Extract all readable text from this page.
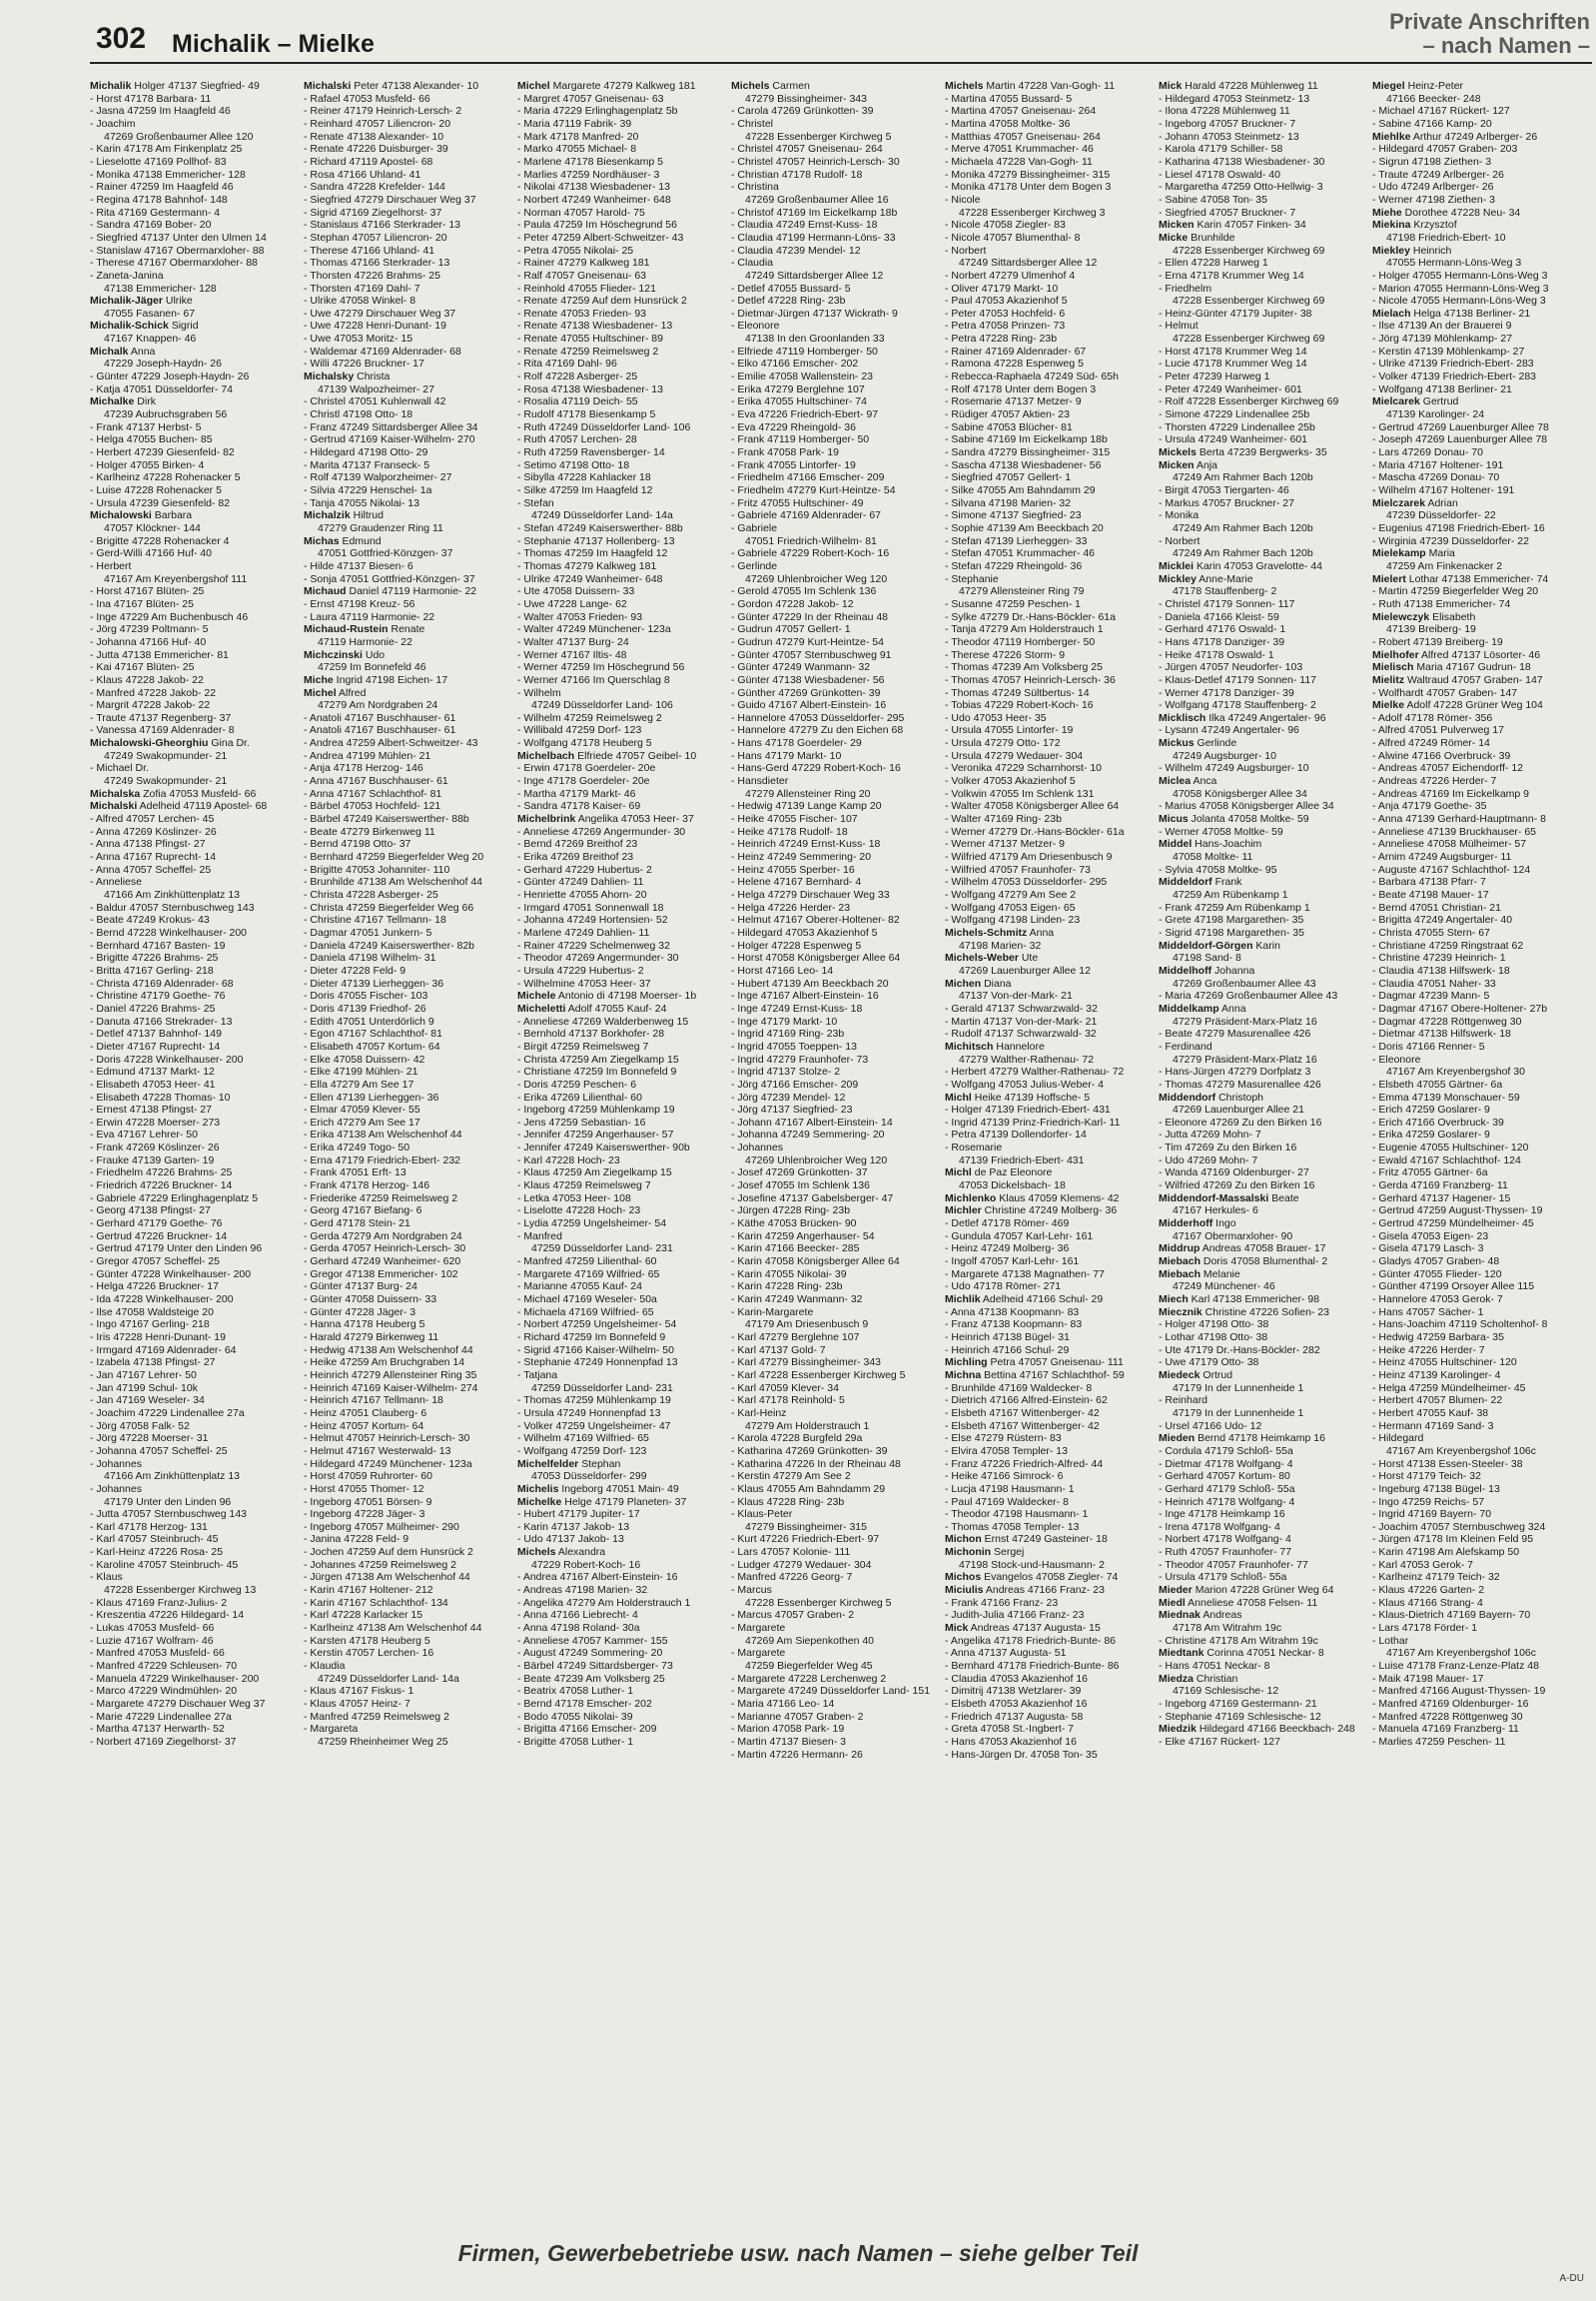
302 Michalik – Mielke
Private Anschriften
– nach Namen –
Michalik Holger 47137 Siegfried- 49
- Horst 47178 Barbara- 11
- Jasna 47259 Im Haagfeld 46
- Joachim
47269 Großenbaumer Allee 120
- Karin 47178 Am Finkenplatz 25
- Lieselotte 47169 Pollhof- 83
- Monika 47138 Emmericher- 128
- Rainer 47259 Im Haagfeld 46
- Regina 47178 Bahnhof- 148
- Rita 47169 Gestermann- 4
- Sandra 47169 Bober- 20
- Siegfried 47137 Unter den Ulmen 14
- Stanislaw 47167 Obermarxloher- 88
- Therese 47167 Obermarxloher- 88
- Zaneta-Janina
47138 Emmericher- 128
Michalik-Jäger Ulrike
47055 Fasanen- 67
Michalik-Schick Sigrid
47167 Knappen- 46
Michalk Anna
47229 Joseph-Haydn- 26
- Günter 47229 Joseph-Haydn- 26
- Katja 47051 Düsseldorfer- 74
Michalke Dirk
47239 Aubruchsgraben 56
- Frank 47137 Herbst- 5
- Helga 47055 Buchen- 85
- Herbert 47239 Giesenfeld- 82
- Holger 47055 Birken- 4
- Karlheinz 47228 Rohenacker 5
- Luise 47228 Rohenacker 5
- Ursula 47239 Giesenfeld- 82
Michalowski Barbara
47057 Klöckner- 144
- Brigitte 47228 Rohenacker 4
- Gerd-Willi 47166 Huf- 40
- Herbert
47167 Am Kreyenbergshof 111
- Horst 47167 Blüten- 25
- Ina 47167 Blüten- 25
- Inge 47229 Am Buchenbusch 46
- Jörg 47239 Poltmann- 5
- Johanna 47166 Huf- 40
- Jutta 47138 Emmericher- 81
- Kai 47167 Blüten- 25
- Klaus 47228 Jakob- 22
- Manfred 47228 Jakob- 22
- Margrit 47228 Jakob- 22
- Traute 47137 Regenberg- 37
- Vanessa 47169 Aldenrader- 8
Michalowski-Gheorghiu Gina Dr.
47249 Swakopmunder- 21
- Michael Dr.
47249 Swakopmunder- 21
Michalska Zofia 47053 Musfeld- 66
Michalski Adelheid 47119 Apostel- 68
- Alfred 47057 Lerchen- 45
- Anna 47269 Köslinzer- 26
- Anna 47138 Pfingst- 27
- Anna 47167 Ruprecht- 14
- Anna 47057 Scheffel- 25
- Anneliese
47166 Am Zinkhüttenplatz 13
- Baldur 47057 Sternbuschweg 143
- Beate 47249 Krokus- 43
- Bernd 47228 Winkelhauser- 200
- Bernhard 47167 Basten- 19
- Brigitte 47226 Brahms- 25
- Britta 47167 Gerling- 218
- Christa 47169 Aldenrader- 68
- Christine 47179 Goethe- 76
- Daniel 47226 Brahms- 25
- Danuta 47166 Strekrader- 13
- Detlef 47137 Bahnhof- 149
- Dieter 47167 Ruprecht- 14
- Doris 47228 Winkelhauser- 200
- Edmund 47137 Markt- 12
- Elisabeth 47053 Heer- 41
- Elisabeth 47228 Thomas- 10
- Ernest 47138 Pfingst- 27
- Erwin 47228 Moerser- 273
- Eva 47167 Lehrer- 50
- Frank 47269 Köslinzer- 26
- Frauke 47139 Garten- 19
- Friedhelm 47226 Brahms- 25
- Friedrich 47226 Bruckner- 14
- Gabriele 47229 Erlinghagenplatz 5
- Georg 47138 Pfingst- 27
- Gerhard 47179 Goethe- 76
- Gertrud 47226 Bruckner- 14
- Gertrud 47179 Unter den Linden 96
- Gregor 47057 Scheffel- 25
- Günter 47228 Winkelhauser- 200
- Helga 47226 Bruckner- 17
- Ida 47228 Winkelhauser- 200
- Ilse 47058 Waldsteige 20
- Ingo 47167 Gerling- 218
- Iris 47228 Henri-Dunant- 19
- Irmgard 47169 Aldenrader- 64
- Izabela 47138 Pfingst- 27
- Jan 47167 Lehrer- 50
- Jan 47199 Schul- 10k
- Jan 47169 Weseler- 34
- Joachim 47229 Lindenallee 27a
- Jörg 47058 Falk- 52
- Jörg 47228 Moerser- 31
- Johanna 47057 Scheffel- 25
- Johannes
47166 Am Zinkhüttenplatz 13
- Johannes
47179 Unter den Linden 96
- Jutta 47057 Sternbuschweg 143
- Karl 47178 Herzog- 131
- Karl 47057 Steinbruch- 45
- Karl-Heinz 47226 Rosa- 25
- Karoline 47057 Steinbruch- 45
- Klaus
47228 Essenberger Kirchweg 13
- Klaus 47169 Franz-Julius- 2
- Kreszentia 47226 Hildegard- 14
- Lukas 47053 Musfeld- 66
- Luzie 47167 Wolfram- 46
- Manfred 47053 Musfeld- 66
- Manfred 47229 Schleusen- 70
- Manuela 47229 Winkelhauser- 200
- Marco 47229 Windmühlen- 20
- Margarete 47279 Dischauer Weg 37
- Marie 47229 Lindenallee 27a
- Martha 47137 Herwarth- 52
- Norbert 47169 Ziegelhorst- 37
Michalski Peter 47138 Alexander- 10
- Rafael 47053 Musfeld- 66
- Reiner 47179 Heinrich-Lersch- 2
- Reinhard 47057 Liliencron- 20
- Renate 47138 Alexander- 10
- Renate 47226 Duisburger- 39
- Richard 47119 Apostel- 68
- Rosa 47166 Uhland- 41
- Sandra 47228 Krefelder- 144
- Siegfried 47279 Dirschauer Weg 37
- Sigrid 47169 Ziegelhorst- 37
- Stanislaus 47166 Sterkrader- 13
- Stephan 47057 Liliencron- 20
- Therese 47166 Uhland- 41
- Thomas 47166 Sterkrader- 13
- Thorsten 47226 Brahms- 25
- Thorsten 47169 Dahl- 7
- Ulrike 47058 Winkel- 8
- Uwe 47279 Dirschauer Weg 37
- Uwe 47228 Henri-Dunant- 19
- Uwe 47053 Moritz- 15
- Waldemar 47169 Aldenrader- 68
- Willi 47226 Bruckner- 17
Michalsky Christa
47139 Walpozheimer- 27
- Christel 47051 Kuhlenwall 42
- Christl 47198 Otto- 18
- Franz 47249 Sittardsberger Allee 34
- Gertrud 47169 Kaiser-Wilhelm- 270
- Hildegard 47198 Otto- 29
- Marita 47137 Franseck- 5
- Rolf 47139 Walporzheimer- 27
- Silvia 47229 Henschel- 1a
- Tanja 47055 Nikolai- 13
Michalzik Hiltrud
47279 Graudenzer Ring 11
Michas Edmund
47051 Gottfried-Könzgen- 37
- Hilde 47137 Biesen- 6
- Sonja 47051 Gottfried-Könzgen- 37
Michaud Daniel 47119 Harmonie- 22
- Ernst 47198 Kreuz- 56
- Laura 47119 Harmonie- 22
Michaud-Rustein Renate
47119 Harmonie- 22
Michczinski Udo
47259 Im Bonnefeld 46
Miche Ingrid 47198 Eichen- 17
Michel Alfred
47279 Am Nordgraben 24
- Anatoli 47167 Buschhauser- 61
- Anatoli 47167 Buschhauser- 61
- Andrea 47259 Albert-Schweitzer- 43
- Andrea 47199 Mühlen- 21
- Anja 47178 Herzog- 146
- Anna 47167 Buschhauser- 61
- Anna 47167 Schlachthof- 81
- Bärbel 47053 Hochfeld- 121
- Bärbel 47249 Kaiserswerther- 88b
- Beate 47279 Birkenweg 11
- Bernd 47198 Otto- 37
- Bernhard 47259 Biegerfelder Weg 20
- Brigitte 47053 Johanniter- 110
- Brunhilde 47138 Am Welschenhof 44
- Christa 47228 Asberger- 25
- Christa 47259 Biegerfelder Weg 66
- Christine 47167 Tellmann- 18
- Dagmar 47051 Junkern- 5
- Daniela 47249 Kaiserswerther- 82b
- Daniela 47198 Wilhelm- 31
- Dieter 47228 Feld- 9
- Dieter 47139 Lierheggen- 36
- Doris 47055 Fischer- 103
- Doris 47139 Friedhof- 26
- Edith 47051 Unterdörlich 9
- Egon 47167 Schlachthof- 81
- Elisabeth 47057 Kortum- 64
- Elke 47058 Duissern- 42
- Elke 47199 Mühlen- 21
- Ella 47279 Am See 17
- Ellen 47139 Lierheggen- 36
- Elmar 47059 Klever- 55
- Erich 47279 Am See 17
- Erika 47138 Am Welschenhof 44
- Erika 47249 Togo- 50
- Erna 47179 Friedrich-Ebert- 232
- Frank 47051 Erft- 13
- Frank 47178 Herzog- 146
- Friederike 47259 Reimelsweg 2
- Georg 47167 Biefang- 6
- Gerd 47178 Stein- 21
- Gerda 47279 Am Nordgraben 24
- Gerda 47057 Heinrich-Lersch- 30
- Gerhard 47249 Wanheimer- 620
- Gregor 47138 Emmericher- 102
- Günter 47137 Burg- 24
- Günter 47058 Duissern- 33
- Günter 47228 Jäger- 3
- Hanna 47178 Heuberg 5
- Harald 47279 Birkenweg 11
- Hedwig 47138 Am Welschenhof 44
- Heike 47259 Am Bruchgraben 14
- Heinrich 47279 Allensteiner Ring 35
- Heinrich 47169 Kaiser-Wilhelm- 274
- Heinrich 47167 Tellmann- 18
- Heinz 47051 Clauberg- 6
- Heinz 47057 Kortum- 64
- Helmut 47057 Heinrich-Lersch- 30
- Helmut 47167 Westerwald- 13
- Hildegard 47249 Münchener- 123a
- Horst 47059 Ruhrorter- 60
- Horst 47055 Thomer- 12
- Ingeborg 47051 Börsen- 9
- Ingeborg 47228 Jäger- 3
- Ingeborg 47057 Mülheimer- 290
- Janina 47228 Feld- 9
- Jochen 47259 Auf dem Hunsrück 2
- Johannes 47259 Reimelsweg 2
- Jürgen 47138 Am Welschenhof 44
- Karin 47167 Holtener- 212
- Karin 47167 Schlachthof- 134
- Karl 47228 Karlacker 15
- Karlheinz 47138 Am Welschenhof 44
- Karsten 47178 Heuberg 5
- Kerstin 47057 Lerchen- 16
- Klaudia
47249 Düsseldorfer Land- 14a
- Klaus 47167 Fiskus- 1
- Klaus 47057 Heinz- 7
- Manfred 47259 Reimelsweg 2
- Margareta
47259 Rheinheimer Weg 25
Michel Margarete 47279 Kalkweg 181
- Margret 47057 Gneisenau- 63
- Maria 47229 Erlinghagenplatz 5b
- Maria 47119 Fabrik- 39
- Mark 47178 Manfred- 20
- Marko 47055 Michael- 8
- Marlene 47178 Biesenkamp 5
- Marlies 47259 Nordhäuser- 3
- Nikolai 47138 Wiesbadener- 13
- Norbert 47249 Wanheimer- 648
- Norman 47057 Harold- 75
- Paula 47259 Im Höschegrund 56
- Peter 47259 Albert-Schweitzer- 43
- Petra 47055 Nikolai- 25
- Rainer 47279 Kalkweg 181
- Ralf 47057 Gneisenau- 63
- Reinhold 47055 Flieder- 121
- Renate 47259 Auf dem Hunsrück 2
- Renate 47053 Frieden- 93
- Renate 47138 Wiesbadener- 13
- Renate 47055 Hultschiner- 89
- Renate 47259 Reimelsweg 2
- Rita 47169 Dahl- 96
- Rolf 47228 Asberger- 25
- Rosa 47138 Wiesbadener- 13
- Rosalia 47119 Deich- 55
- Rudolf 47178 Biesenkamp 5
- Ruth 47249 Düsseldorfer Land- 106
- Ruth 47057 Lerchen- 28
- Ruth 47259 Ravensberger- 14
- Setimo 47198 Otto- 18
- Sibylla 47228 Kahlacker 18
- Silke 47259 Im Haagfeld 12
- Stefan
47249 Düsseldorfer Land- 14a
- Stefan 47249 Kaiserswerther- 88b
- Stephanie 47137 Hollenberg- 13
- Thomas 47259 Im Haagfeld 12
- Thomas 47279 Kalkweg 181
- Ulrike 47249 Wanheimer- 648
- Ute 47058 Duissern- 33
- Uwe 47228 Lange- 62
- Walter 47053 Frieden- 93
- Walter 47249 Münchener- 123a
- Walter 47137 Burg- 24
- Werner 47167 Iltis- 48
- Werner 47259 Im Höschegrund 56
- Werner 47166 Im Querschlag 8
- Wilhelm
47249 Düsseldorfer Land- 106
- Wilhelm 47259 Reimelsweg 2
- Willibald 47259 Dorf- 123
- Wolfgang 47178 Heuberg 5
Michelbach Elfriede 47057 Geibel- 10
- Erwin 47178 Goerdeler- 20e
- Inge 47178 Goerdeler- 20e
- Martha 47179 Markt- 46
- Sandra 47178 Kaiser- 69
Michelbrink Angelika 47053 Heer- 37
- Anneliese 47269 Angermunder- 30
- Bernd 47269 Breithof 23
- Erika 47269 Breithof 23
- Gerhard 47229 Hubertus- 2
- Günter 47249 Dahlien- 11
- Henriette 47055 Ahorn- 20
- Irmgard 47051 Sonnenwall 18
- Johanna 47249 Hortensien- 52
- Marlene 47249 Dahlien- 11
- Rainer 47229 Schelmenweg 32
- Theodor 47269 Angermunder- 30
- Ursula 47229 Hubertus- 2
- Wilhelmine 47053 Heer- 37
Michele Antonio di 47198 Moerser- 1b
Micheletti Adolf 47055 Kauf- 24
- Anneliese 47269 Walderbenweg 15
- Bernhold 47137 Borkhofer- 28
- Birgit 47259 Reimelsweg 7
- Christa 47259 Am Ziegelkamp 15
- Christiane 47259 Im Bonnefeld 9
- Doris 47259 Peschen- 6
- Erika 47269 Lilienthal- 60
- Ingeborg 47259 Mühlenkamp 19
- Jens 47259 Sebastian- 16
- Jennifer 47259 Angerhauser- 57
- Jennifer 47249 Kaiserswerther- 90b
- Karl 47228 Hoch- 23
- Klaus 47259 Am Ziegelkamp 15
- Klaus 47259 Reimelsweg 7
- Letka 47053 Heer- 108
- Liselotte 47228 Hoch- 23
- Lydia 47259 Ungelsheimer- 54
- Manfred
47259 Düsseldorfer Land- 231
- Manfred 47259 Lilienthal- 60
- Margarete 47169 Wilfried- 65
- Marianne 47055 Kauf- 24
- Michael 47169 Weseler- 50a
- Michaela 47169 Wilfried- 65
- Norbert 47259 Ungelsheimer- 54
- Richard 47259 Im Bonnefeld 9
- Sigrid 47166 Kaiser-Wilhelm- 50
- Stephanie 47249 Honnenpfad 13
- Tatjana
47259 Düsseldorfer Land- 231
- Thomas 47259 Mühlenkamp 19
- Ursula 47249 Honnenpfad 13
- Volker 47259 Ungelsheimer- 47
- Wilhelm 47169 Wilfried- 65
- Wolfgang 47259 Dorf- 123
Michelfelder Stephan
47053 Düsseldorfer- 299
Michelis Ingeborg 47051 Main- 49
Michelke Helge 47179 Planeten- 37
- Hubert 47179 Jupiter- 17
- Karin 47137 Jakob- 13
- Udo 47137 Jakob- 13
Michels Alexandra
47229 Robert-Koch- 16
- Andrea 47167 Albert-Einstein- 16
- Andreas 47198 Marien- 32
- Angelika 47279 Am Holderstrauch 1
- Anna 47166 Liebrecht- 4
- Anna 47198 Roland- 30a
- Anneliese 47057 Kammer- 155
- August 47249 Sommering- 20
- Bärbel 47249 Sittardsberger- 73
- Beate 47239 Am Volksberg 25
- Beatrix 47058 Luther- 1
- Bernd 47178 Emscher- 202
- Bodo 47055 Nikolai- 39
- Brigitta 47166 Emscher- 209
- Brigitte 47058 Luther- 1
Michels Carmen
47279 Bissingheimer- 343
- Carola 47269 Grünkotten- 39
- Christel
47228 Essenberger Kirchweg 5
- Christel 47057 Gneisenau- 264
- Christel 47057 Heinrich-Lersch- 30
- Christian 47178 Rudolf- 18
- Christina
47269 Großenbaumer Allee 16
- Christof 47169 Im Eickelkamp 18b
- Claudia 47249 Ernst-Kuss- 18
- Claudia 47199 Hermann-Löns- 33
- Claudia 47239 Mendel- 12
- Claudia
47249 Sittardsberger Allee 12
- Detlef 47055 Bussard- 5
- Detlef 47228 Ring- 23b
- Dietmar-Jürgen 47137 Wickrath- 9
- Eleonore
47138 In den Groonlanden 33
- Elfriede 47119 Homberger- 50
- Elko 47166 Emscher- 202
- Emilie 47058 Wallenstein- 23
- Erika 47279 Berglehne 107
- Erika 47055 Hultschiner- 74
- Eva 47226 Friedrich-Ebert- 97
- Eva 47229 Rheingold- 36
- Frank 47119 Homberger- 50
- Frank 47058 Park- 19
- Frank 47055 Lintorfer- 19
- Friedhelm 47166 Emscher- 209
- Friedhelm 47279 Kurt-Heintze- 54
- Fritz 47055 Hultschiner- 49
- Gabriele 47169 Aldenrader- 67
- Gabriele
47051 Friedrich-Wilhelm- 81
- Gabriele 47229 Robert-Koch- 16
- Gerlinde
47269 Uhlenbroicher Weg 120
- Gerold 47055 Im Schlenk 136
- Gordon 47228 Jakob- 12
- Günter 47229 In der Rheinau 48
- Gudrun 47057 Gellert- 1
- Gudrun 47279 Kurt-Heintze- 54
- Günter 47057 Sternbuschweg 91
- Günter 47249 Wanmann- 32
- Günter 47138 Wiesbadener- 56
- Günther 47269 Grünkotten- 39
- Guido 47167 Albert-Einstein- 16
- Hannelore 47053 Düsseldorfer- 295
- Hannelore 47279 Zu den Eichen 68
- Hans 47178 Goerdeler- 29
- Hans 47179 Markt- 10
- Hans-Gerd 47229 Robert-Koch- 16
- Hansdieter
47279 Allensteiner Ring 20
- Hedwig 47139 Lange Kamp 20
- Heike 47055 Fischer- 107
- Heike 47178 Rudolf- 18
- Heinrich 47249 Ernst-Kuss- 18
- Heinz 47249 Semmering- 20
- Heinz 47055 Sperber- 16
- Helene 47167 Bernhard- 4
- Helga 47279 Dirschauer Weg 33
- Helga 47226 Herder- 23
- Helmut 47167 Oberer-Holtener- 82
- Hildegard 47053 Akazienhof 5
- Holger 47228 Espenweg 5
- Horst 47058 Königsberger Allee 64
- Horst 47166 Leo- 14
- Hubert 47139 Am Beeckbach 20
- Inge 47167 Albert-Einstein- 16
- Inge 47249 Ernst-Kuss- 18
- Inge 47179 Markt- 10
- Ingrid 47169 Ring- 23b
- Ingrid 47055 Toeppen- 13
- Ingrid 47279 Fraunhofer- 73
- Ingrid 47137 Stolze- 2
- Jörg 47166 Emscher- 209
- Jörg 47239 Mendel- 12
- Jörg 47137 Siegfried- 23
- Johann 47167 Albert-Einstein- 14
- Johanna 47249 Semmering- 20
- Johannes
47269 Uhlenbroicher Weg 120
- Josef 47269 Grünkotten- 37
- Josef 47055 Im Schlenk 136
- Josefine 47137 Gabelsberger- 47
- Jürgen 47228 Ring- 23b
- Käthe 47053 Brücken- 90
- Karin 47259 Angerhauser- 54
- Karin 47166 Beecker- 285
- Karin 47058 Königsberger Allee 64
- Karin 47055 Nikolai- 39
- Karin 47228 Ring- 23b
- Karin 47249 Wanmann- 32
- Karin-Margarete
47179 Am Driesenbusch 9
- Karl 47279 Berglehne 107
- Karl 47137 Gold- 7
- Karl 47279 Bissingheimer- 343
- Karl 47228 Essenberger Kirchweg 5
- Karl 47059 Klever- 34
- Karl 47178 Reinhold- 5
- Karl-Heinz
47279 Am Holderstrauch 1
- Karola 47228 Burgfeld 29a
- Katharina 47269 Grünkotten- 39
- Katharina 47226 In der Rheinau 48
- Kerstin 47279 Am See 2
- Klaus 47055 Am Bahndamm 29
- Klaus 47228 Ring- 23b
- Klaus-Peter
47279 Bissingheimer- 315
- Kurt 47226 Friedrich-Ebert- 97
- Lars 47057 Kolonie- 111
- Ludger 47279 Wedauer- 304
- Manfred 47226 Georg- 7
- Marcus
47228 Essenberger Kirchweg 5
- Marcus 47057 Graben- 2
- Margarete
47269 Am Siepenkothen 40
- Margarete
47259 Biegerfelder Weg 45
- Margarete 47228 Lerchenweg 2
- Margarete 47249 Düsseldorfer Land- 151
- Maria 47166 Leo- 14
- Marianne 47057 Graben- 2
- Marion 47058 Park- 19
- Martin 47137 Biesen- 3
- Martin 47226 Hermann- 26
Michels Martin 47228 Van-Gogh- 11
- Martina 47055 Bussard- 5
- Martina 47057 Gneisenau- 264
- Martina 47058 Moltke- 36
- Matthias 47057 Gneisenau- 264
- Merve 47051 Krummacher- 46
- Michaela 47228 Van-Gogh- 11
- Monika 47279 Bissingheimer- 315
- Monika 47178 Unter dem Bogen 3
- Nicole
47228 Essenberger Kirchweg 3
- Nicole 47058 Ziegler- 83
- Nicole 47057 Blumenthal- 8
- Norbert
47249 Sittardsberger Allee 12
- Norbert 47279 Ulmenhof 4
- Oliver 47179 Markt- 10
- Paul 47053 Akazienhof 5
- Peter 47053 Hochfeld- 6
- Petra 47058 Prinzen- 73
- Petra 47228 Ring- 23b
- Rainer 47169 Aldenrader- 67
- Ramona 47228 Espenweg 5
- Rebecca-Raphaela 47249 Süd- 65h
- Rolf 47178 Unter dem Bogen 3
- Rosemarie 47137 Metzer- 9
- Rüdiger 47057 Aktien- 23
- Sabine 47053 Blücher- 81
- Sabine 47169 Im Eickelkamp 18b
- Sandra 47279 Bissingheimer- 315
- Sascha 47138 Wiesbadener- 56
- Siegfried 47057 Gellert- 1
- Silke 47055 Am Bahndamm 29
- Silvana 47198 Marien- 32
- Simone 47137 Siegfried- 23
- Sophie 47139 Am Beeckbach 20
- Stefan 47139 Lierheggen- 33
- Stefan 47051 Krummacher- 46
- Stefan 47229 Rheingold- 36
- Stephanie
47279 Allensteiner Ring 79
- Susanne 47259 Peschen- 1
- Sylke 47279 Dr.-Hans-Böckler- 61a
- Tanja 47279 Am Holderstrauch 1
- Theodor 47119 Homberger- 50
- Therese 47226 Storm- 9
- Thomas 47239 Am Volksberg 25
- Thomas 47057 Heinrich-Lersch- 36
- Thomas 47249 Sültbertus- 14
- Tobias 47229 Robert-Koch- 16
- Udo 47053 Heer- 35
- Ursula 47055 Lintorfer- 19
- Ursula 47279 Otto- 172
- Ursula 47279 Wedauer- 304
- Veronika 47229 Scharnhorst- 10
- Volker 47053 Akazienhof 5
- Volkwin 47055 Im Schlenk 131
- Walter 47058 Königsberger Allee 64
- Walter 47169 Ring- 23b
- Werner 47279 Dr.-Hans-Böckler- 61a
- Werner 47137 Metzer- 9
- Wilfried 47179 Am Driesenbusch 9
- Wilfried 47057 Fraunhofer- 73
- Wilhelm 47053 Düsseldorfer- 295
- Wolfgang 47279 Am See 2
- Wolfgang 47053 Eigen- 65
- Wolfgang 47198 Linden- 23
Michels-Schmitz Anna
47198 Marien- 32
Michels-Weber Ute
47269 Lauenburger Allee 12
Michen Diana
47137 Von-der-Mark- 21
- Gerald 47137 Schwarzwald- 32
- Martin 47137 Von-der-Mark- 21
- Rudolf 47137 Schwarzwald- 32
Michitsch Hannelore
47279 Walther-Rathenau- 72
- Herbert 47279 Walther-Rathenau- 72
- Wolfgang 47053 Julius-Weber- 4
Michl Heike 47139 Hoffsche- 5
- Holger 47139 Friedrich-Ebert- 431
- Ingrid 47139 Prinz-Friedrich-Karl- 11
- Petra 47139 Dollendorfer- 14
- Rosemarie
47139 Friedrich-Ebert- 431
Michl de Paz Eleonore
47053 Dickelsbach- 18
Michlenko Klaus 47059 Klemens- 42
Michler Christine 47249 Molberg- 36
- Detlef 47178 Römer- 469
- Gundula 47057 Karl-Lehr- 161
- Heinz 47249 Molberg- 36
- Ingolf 47057 Karl-Lehr- 161
- Margarete 47138 Magnathen- 77
- Udo 47178 Römer- 271
Michlik Adelheid 47166 Schul- 29
- Anna 47138 Koopmann- 83
- Franz 47138 Koopmann- 83
- Heinrich 47138 Bügel- 31
- Heinrich 47166 Schul- 29
Michling Petra 47057 Gneisenau- 111
Michna Bettina 47167 Schlachthof- 59
- Brunhilde 47169 Waldecker- 8
- Dietrich 47166 Alfred-Einstein- 62
- Elsbeth 47167 Wittenberger- 42
- Elsbeth 47167 Wittenberger- 42
- Else 47279 Rüstern- 83
- Elvira 47058 Templer- 13
- Franz 47226 Friedrich-Alfred- 44
- Heike 47166 Simrock- 6
- Lucja 47198 Hausmann- 1
- Paul 47169 Waldecker- 8
- Theodor 47198 Hausmann- 1
- Thomas 47058 Templer- 13
Michon Ernst 47249 Gasteiner- 18
Michonin Sergej
47198 Stock-und-Hausmann- 2
Michos Evangelos 47058 Ziegler- 74
Miciulis Andreas 47166 Franz- 23
- Frank 47166 Franz- 23
- Judith-Julia 47166 Franz- 23
Mick Andreas 47137 Augusta- 15
- Angelika 47178 Friedrich-Bunte- 86
- Anna 47137 Augusta- 51
- Bernhard 47178 Friedrich-Bunte- 86
- Claudia 47053 Akazienhof 16
- Dimitrij 47138 Wetzlarer- 39
- Elsbeth 47053 Akazienhof 16
- Friedrich 47137 Augusta- 58
- Greta 47058 St.-Ingbert- 7
- Hans 47053 Akazienhof 16
- Hans-Jürgen Dr. 47058 Ton- 35
Mick Harald 47228 Mühlenweg 11
- Hildegard 47053 Steinmetz- 13
- Ilona 47228 Mühlenweg 11
- Ingeborg 47057 Bruckner- 7
- Johann 47053 Steinmetz- 13
- Karola 47179 Schiller- 58
- Katharina 47138 Wiesbadener- 30
- Liesel 47178 Oswald- 40
- Margaretha 47259 Otto-Hellwig- 3
- Sabine 47058 Ton- 35
- Siegfried 47057 Bruckner- 7
Micken Karin 47057 Finken- 34
Micke Brunhilde
47228 Essenberger Kirchweg 69
- Ellen 47228 Harweg 1
- Erna 47178 Krummer Weg 14
- Friedhelm
47228 Essenberger Kirchweg 69
- Heinz-Günter 47179 Jupiter- 38
- Helmut
47228 Essenberger Kirchweg 69
- Horst 47178 Krummer Weg 14
- Lucie 47178 Krummer Weg 14
- Peter 47239 Harweg 1
- Peter 47249 Wanheimer- 601
- Rolf 47228 Essenberger Kirchweg 69
- Simone 47229 Lindenallee 25b
- Thorsten 47229 Lindenallee 25b
- Ursula 47249 Wanheimer- 601
Mickels Berta 47239 Bergwerks- 35
Micken Anja
47249 Am Rahmer Bach 120b
- Birgit 47053 Tiergarten- 46
- Markus 47057 Bruckner- 27
- Monika
47249 Am Rahmer Bach 120b
- Norbert
47249 Am Rahmer Bach 120b
Micklei Karin 47053 Gravelotte- 44
Mickley Anne-Marie
47178 Stauffenberg- 2
- Christel 47179 Sonnen- 117
- Daniela 47166 Kleist- 59
- Gerhard 47176 Oswald- 1
- Hans 47178 Danziger- 39
- Heike 47178 Oswald- 1
- Jürgen 47057 Neudorfer- 103
- Klaus-Detlef 47179 Sonnen- 117
- Werner 47178 Danziger- 39
- Wolfgang 47178 Stauffenberg- 2
Micklisch Ilka 47249 Angertaler- 96
- Lysann 47249 Angertaler- 96
Mickus Gerlinde
47249 Augsburger- 10
- Wilhelm 47249 Augsburger- 10
Miclea Anca
47058 Königsberger Allee 34
- Marius 47058 Königsberger Allee 34
Micus Jolanta 47058 Moltke- 59
- Werner 47058 Moltke- 59
Middel Hans-Joachim
47058 Moltke- 11
- Sylvia 47058 Moltke- 95
Middeldorf Frank
47259 Am Rübenkamp 1
- Frank 47259 Am Rübenkamp 1
- Grete 47198 Margarethen- 35
- Sigrid 47198 Margarethen- 35
Middeldorf-Görgen Karin
47198 Sand- 8
Middelhoff Johanna
47269 Großenbaumer Allee 43
- Maria 47269 Großenbaumer Allee 43
Middelkamp Anna
47279 Präsident-Marx-Platz 16
- Beate 47279 Masurenallee 426
- Ferdinand
47279 Präsident-Marx-Platz 16
- Hans-Jürgen 47279 Dorfplatz 3
- Thomas 47279 Masurenallee 426
Middendorf Christoph
47269 Lauenburger Allee 21
- Eleonore 47269 Zu den Birken 16
- Jutta 47269 Mohn- 7
- Tim 47269 Zu den Birken 16
- Udo 47269 Mohn- 7
- Wanda 47169 Oldenburger- 27
- Wilfried 47269 Zu den Birken 16
Middendorf-Massalski Beate
47167 Herkules- 6
Midderhoff Ingo
47167 Obermarxloher- 90
Middrup Andreas 47058 Brauer- 17
Miebach Doris 47058 Blumenthal- 2
Miebach Melanie
47249 Münchener- 46
Miech Karl 47138 Emmericher- 98
Miecznik Christine 47226 Sofien- 23
- Holger 47198 Otto- 38
- Lothar 47198 Otto- 38
- Ute 47179 Dr.-Hans-Böckler- 282
- Uwe 47179 Otto- 38
Miedeck Ortrud
47179 In der Lunnenheide 1
- Reinhard
47179 In der Lunnenheide 1
- Ursel 47166 Udo- 12
Mieden Bernd 47178 Heimkamp 16
- Cordula 47179 Schloß- 55a
- Dietmar 47178 Wolfgang- 4
- Gerhard 47057 Kortum- 80
- Gerhard 47179 Schloß- 55a
- Heinrich 47178 Wolfgang- 4
- Inge 47178 Heimkamp 16
- Irena 47178 Wolfgang- 4
- Norbert 47178 Wolfgang- 4
- Ruth 47057 Fraunhofer- 77
- Theodor 47057 Fraunhofer- 77
- Ursula 47179 Schloß- 55a
Mieder Marion 47228 Grüner Weg 64
Miedl Anneliese 47058 Felsen- 11
Miednak Andreas
47178 Am Witrahm 19c
- Christine 47178 Am Witrahm 19c
Miedtank Corinna 47051 Neckar- 8
- Hans 47051 Neckar- 8
Miedza Christian
47169 Schlesische- 12
- Ingeborg 47169 Gestermann- 21
- Stephanie 47169 Schlesische- 12
Miedzik Hildegard 47166 Beeckbach- 248
- Elke 47167 Rückert- 127
Miegel Heinz-Peter
47166 Beecker- 248
- Michael 47167 Rückert- 127
- Sabine 47166 Kamp- 20
Miehlke Arthur 47249 Arlberger- 26
- Hildegard 47057 Graben- 203
- Sigrun 47198 Ziethen- 3
- Traute 47249 Arlberger- 26
- Udo 47249 Arlberger- 26
- Werner 47198 Ziethen- 3
Miehe Dorothee 47228 Neu- 34
Miekina Krzysztof
47198 Friedrich-Ebert- 10
Miekley Heinrich
47055 Hermann-Löns-Weg 3
- Holger 47055 Hermann-Löns-Weg 3
- Marion 47055 Hermann-Löns-Weg 3
- Nicole 47055 Hermann-Löns-Weg 3
Mielach Helga 47138 Berliner- 21
- Ilse 47139 An der Brauerei 9
- Jörg 47139 Möhlenkamp- 27
- Kerstin 47139 Möhlenkamp- 27
- Ulrike 47139 Friedrich-Ebert- 283
- Volker 47139 Friedrich-Ebert- 283
- Wolfgang 47138 Berliner- 21
Mielcarek Gertrud
47139 Karolinger- 24
- Gertrud 47269 Lauenburger Allee 78
- Joseph 47269 Lauenburger Allee 78
- Lars 47269 Donau- 70
- Maria 47167 Holtener- 191
- Mascha 47269 Donau- 70
- Wilhelm 47167 Holtener- 191
Mielczarek Adrian
47239 Düsseldorfer- 22
- Eugenius 47198 Friedrich-Ebert- 16
- Wirginia 47239 Düsseldorfer- 22
Mielekamp Maria
47259 Am Finkenacker 2
Mielert Lothar 47138 Emmericher- 74
- Martin 47259 Biegerfelder Weg 20
- Ruth 47138 Emmericher- 74
Mielewczyk Elisabeth
47139 Breiberg- 19
- Robert 47139 Breiberg- 19
Mielhofer Alfred 47137 Lösorter- 46
Mielisch Maria 47167 Gudrun- 18
Mielitz Waltraud 47057 Graben- 147
- Wolfhardt 47057 Graben- 147
Mielke Adolf 47228 Grüner Weg 104
- Adolf 47178 Römer- 356
- Alfred 47051 Pulverweg 17
- Alfred 47249 Römer- 14
- Alwine 47166 Overbruck- 39
- Andreas 47057 Eichendorff- 12
- Andreas 47226 Herder- 7
- Andreas 47169 Im Eickelkamp 9
- Anja 47179 Goethe- 35
- Anna 47139 Gerhard-Hauptmann- 8
- Anneliese 47139 Bruckhauser- 65
- Anneliese 47058 Mülheimer- 57
- Arnim 47249 Augsburger- 11
- Auguste 47167 Schlachthof- 124
- Barbara 47138 Pfarr- 7
- Beate 47198 Mauer- 17
- Bernd 47051 Christian- 21
- Brigitta 47249 Angertaler- 40
- Christa 47055 Stern- 67
- Christiane 47259 Ringstraat 62
- Christine 47239 Heinrich- 1
- Claudia 47138 Hilfswerk- 18
- Claudia 47051 Naher- 33
- Dagmar 47239 Mann- 5
- Dagmar 47167 Obere-Holtener- 27b
- Dagmar 47228 Röttgenweg 30
- Dietmar 47138 Hilfswerk- 18
- Doris 47166 Renner- 5
- Eleonore
47167 Am Kreyenbergshof 30
- Elsbeth 47055 Gärtner- 6a
- Emma 47139 Monschauer- 59
- Erich 47259 Goslarer- 9
- Erich 47166 Overbruck- 39
- Erika 47259 Goslarer- 9
- Eugenie 47055 Hultschiner- 120
- Ewald 47167 Schlachthof- 124
- Fritz 47055 Gärtner- 6a
- Gerda 47169 Franzberg- 11
- Gerhard 47137 Hagener- 15
- Gertrud 47259 August-Thyssen- 19
- Gertrud 47259 Mündelheimer- 45
- Gisela 47053 Eigen- 23
- Gisela 47179 Lasch- 3
- Gladys 47057 Graben- 48
- Günter 47055 Flieder- 120
- Günther 47199 Orsoyer Allee 115
- Hannelore 47053 Gerok- 7
- Hans 47057 Sächer- 1
- Hans-Joachim 47119 Scholtenhof- 8
- Hedwig 47259 Barbara- 35
- Heike 47226 Herder- 7
- Heinz 47055 Hultschiner- 120
- Heinz 47139 Karolinger- 4
- Helga 47259 Mündelheimer- 45
- Herbert 47057 Blumen- 22
- Herbert 47055 Kauf- 38
- Hermann 47169 Sand- 3
- Hildegard
47167 Am Kreyenbergshof 106c
- Horst 47138 Essen-Steeler- 38
- Horst 47179 Teich- 32
- Ingeburg 47138 Bügel- 13
- Ingo 47259 Reichs- 57
- Ingrid 47169 Bayern- 70
- Joachim 47057 Sternbuschweg 324
- Jürgen 47178 Im Kleinen Feld 95
- Karin 47198 Am Alefskamp 50
- Karl 47053 Gerok- 7
- Karlheinz 47179 Teich- 32
- Klaus 47226 Garten- 2
- Klaus 47166 Strang- 4
- Klaus-Dietrich 47169 Bayern- 70
- Lars 47178 Förder- 1
- Lothar
47167 Am Kreyenbergshof 106c
- Luise 47178 Franz-Lenze-Platz 48
- Maik 47198 Mauer- 17
- Manfred 47166 August-Thyssen- 19
- Manfred 47169 Oldenburger- 16
- Manfred 47228 Röttgenweg 30
- Manuela 47169 Franzberg- 11
- Marlies 47259 Peschen- 11
Firmen, Gewerbebetriebe usw. nach Namen – siehe gelber Teil
A-DU
